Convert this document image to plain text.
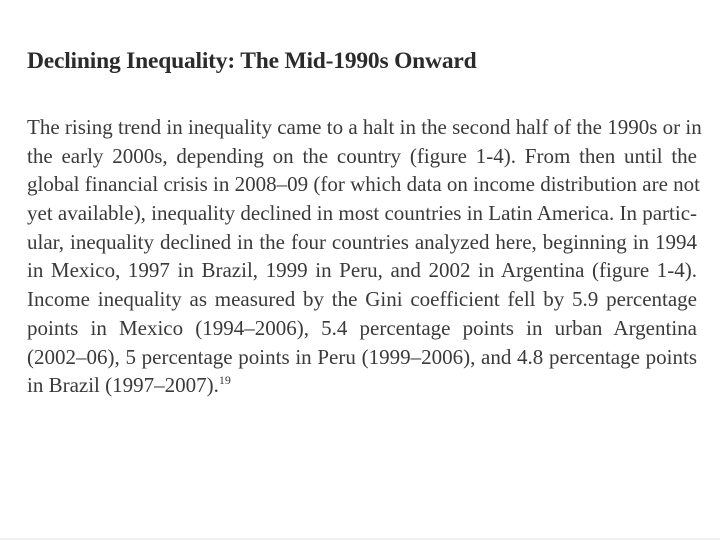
Declining Inequality: The Mid-1990s Onward
The rising trend in inequality came to a halt in the second half of the 1990s or in
the early 2000s, depending on the country (figure 1-4). From then until the
global financial crisis in 2008–09 (for which data on income distribution are not
yet available), inequality declined in most countries in Latin America. In partic-
ular, inequality declined in the four countries analyzed here, beginning in 1994
in Mexico, 1997 in Brazil, 1999 in Peru, and 2002 in Argentina (figure 1-4).
Income inequality as measured by the Gini coefficient fell by 5.9 percentage
points in Mexico (1994–2006), 5.4 percentage points in urban Argentina
(2002–06), 5 percentage points in Peru (1999–2006), and 4.8 percentage points
in Brazil (1997–2007).$^{19}$
